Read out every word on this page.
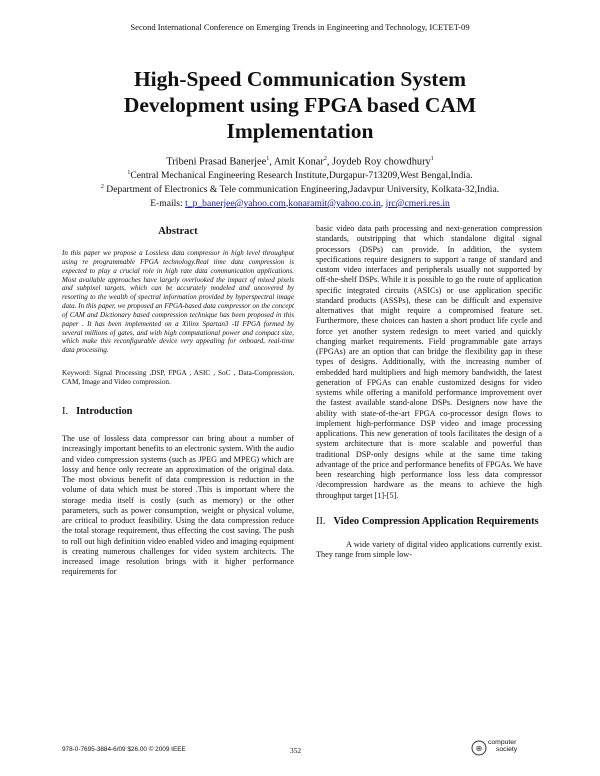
Second International Conference on Emerging Trends in Engineering and Technology, ICETET-09
High-Speed Communication System
Development using FPGA based CAM
Implementation
Tribeni Prasad Banerjee$^1$, Amit Konar$^2$, Joydeb Roy chowdhury$^1$
$^1$Central Mechanical Engineering Research Institute,Durgapur-713209,West Bengal,India.
$^2$ Department of Electronics & Tele communication Engineering,Jadavpur University, Kolkata-32,India.
E-mails: t_p_banerjee@yahoo.com,konaramit@yahoo.co.in, jrc@cmeri.res.in

Abstract

In this paper we propose a Lossless data compressor in high level throughput using re programmable FPGA technology.Real time data compression is expected to play a crucial role in high rate data communication applications. Most available approaches have largely overlooked the impact of mixed pixels and subpixel targets, which can be accurately modeled and uncovered by resorting to the wealth of spectral information provided by hyperspectral image data. In this paper, we proposed an FPGA-based data compressor on the concept of CAM and Dictionary based compression technique has been proposed in this paper . It has been implemented on a Xilinx Spartan3 -II FPGA formed by several millions of gates, and with high computational power and compact size, which make this reconfigurable device very appealing for onboard, real-time data processing.

Keyword: Signal Processing ,DSP, FPGA , ASIC , SoC , Data-Compression, CAM, Image and Video compression.

I. Introduction

The use of lossless data compressor can bring about a number of increasingly important benefits to an electronic system. With the audio and video compression systems (such as JPEG and MPEG) which are lossy and hence only recreate an approximation of the original data. The most obvious benefit of data compression is reduction in the volume of data which must be stored .This is important where the storage media itself is costly (such as memory) or the other parameters, such as power consumption, weight or physical volume, are critical to product feasibility. Using the data compression reduce the total storage requirement, thus effecting the cost saving. The push to roll out high definition video enabled video and imaging equipment is creating numerous challenges for video system architects. The increased image resolution brings with it higher performance requirements for

basic video data path processing and next-generation compression standards, outstripping that which standalone digital signal processors (DSPs) can provide. In addition, the system specifications require designers to support a range of standard and custom video interfaces and peripherals usually not supported by off-the-shelf DSPs. While it is possible to go the route of application specific integrated circuits (ASICs) or use application specific standard products (ASSPs), these can be difficult and expensive alternatives that might require a compromised feature set. Furthermore, these choices can hasten a short product life cycle and force yet another system redesign to meet varied and quickly changing market requirements. Field programmable gate arrays (FPGAs) are an option that can bridge the flexibility gap in these types of designs. Additionally, with the increasing number of embedded hard multipliers and high memory bandwidth, the latest generation of FPGAs can enable customized designs for video systems while offering a manifold performance improvement over the fastest available stand-alone DSPs. Designers now have the ability with state-of-the-art FPGA co-processor design flows to implement high-performance DSP video and image processing applications. This new generation of tools facilitates the design of a system architecture that is more scalable and powerful than traditional DSP-only designs while at the same time taking advantage of the price and performance benefits of FPGAs. We have been researching high performance loss less data compressor /decompression hardware as the means to achieve the high throughput target [1]-[5].

II. Video Compression Application Requirements

A wide variety of digital video applications currently exist. They range from simple low-

978-0-7695-3884-6/09 $26.00 © 2009 IEEE	352	⊕
computer
society
